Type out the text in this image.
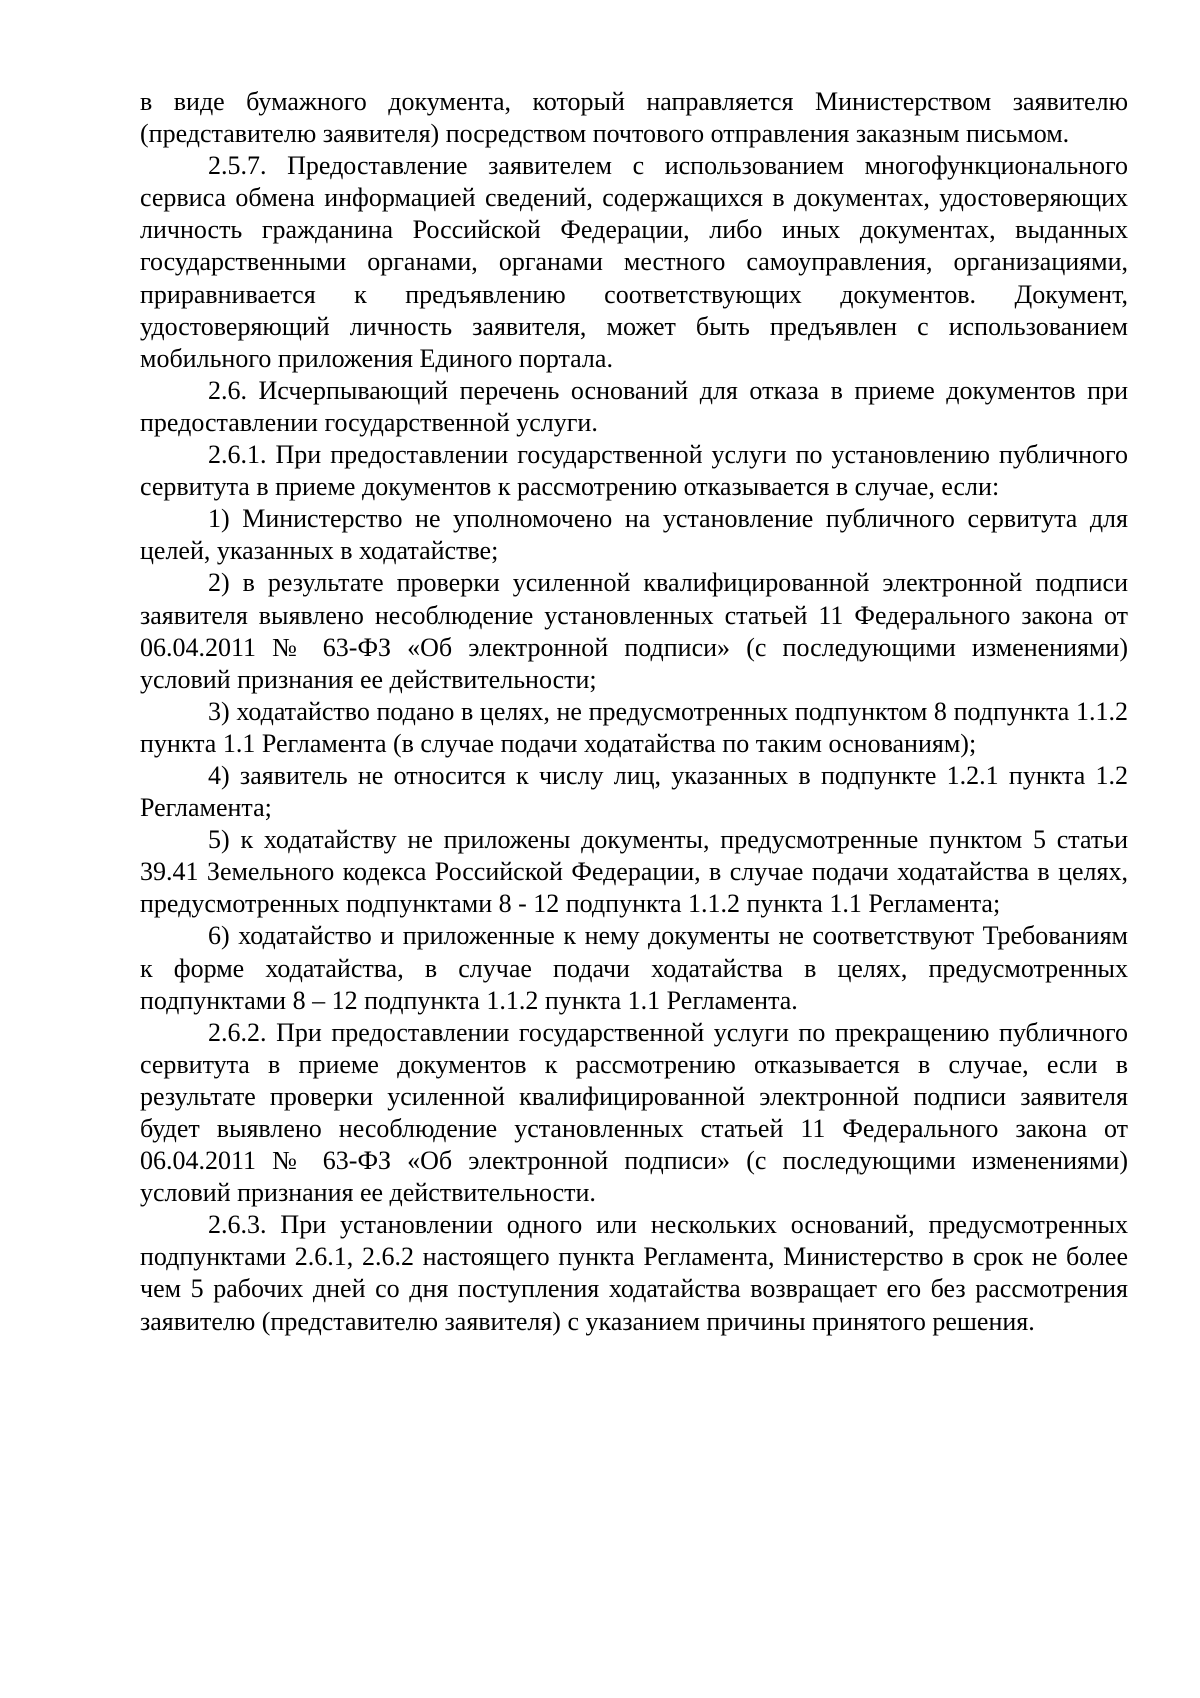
в виде бумажного документа, который направляется Министерством заявителю (представителю заявителя) посредством почтового отправления заказным письмом.

2.5.7. Предоставление заявителем с использованием многофункционального сервиса обмена информацией сведений, содержащихся в документах, удостоверяющих личность гражданина Российской Федерации, либо иных документах, выданных государственными органами, органами местного самоуправления, организациями, приравнивается к предъявлению соответствующих документов. Документ, удостоверяющий личность заявителя, может быть предъявлен с использованием мобильного приложения Единого портала.

2.6. Исчерпывающий перечень оснований для отказа в приеме документов при предоставлении государственной услуги.

2.6.1. При предоставлении государственной услуги по установлению публичного сервитута в приеме документов к рассмотрению отказывается в случае, если:

1) Министерство не уполномочено на установление публичного сервитута для целей, указанных в ходатайстве;

2) в результате проверки усиленной квалифицированной электронной подписи заявителя выявлено несоблюдение установленных статьей 11 Федерального закона от 06.04.2011 № 63-ФЗ «Об электронной подписи» (с последующими изменениями) условий признания ее действительности;

3) ходатайство подано в целях, не предусмотренных подпунктом 8 подпункта 1.1.2 пункта 1.1 Регламента (в случае подачи ходатайства по таким основаниям);

4) заявитель не относится к числу лиц, указанных в подпункте 1.2.1 пункта 1.2 Регламента;

5) к ходатайству не приложены документы, предусмотренные пунктом 5 статьи 39.41 Земельного кодекса Российской Федерации, в случае подачи ходатайства в целях, предусмотренных подпунктами 8 - 12 подпункта 1.1.2 пункта 1.1 Регламента;

6) ходатайство и приложенные к нему документы не соответствуют Требованиям к форме ходатайства, в случае подачи ходатайства в целях, предусмотренных подпунктами 8 – 12 подпункта 1.1.2 пункта 1.1 Регламента.

2.6.2. При предоставлении государственной услуги по прекращению публичного сервитута в приеме документов к рассмотрению отказывается в случае, если в результате проверки усиленной квалифицированной электронной подписи заявителя будет выявлено несоблюдение установленных статьей 11 Федерального закона от 06.04.2011 № 63-ФЗ «Об электронной подписи» (с последующими изменениями) условий признания ее действительности.

2.6.3. При установлении одного или нескольких оснований, предусмотренных подпунктами 2.6.1, 2.6.2 настоящего пункта Регламента, Министерство в срок не более чем 5 рабочих дней со дня поступления ходатайства возвращает его без рассмотрения заявителю (представителю заявителя) с указанием причины принятого решения.
